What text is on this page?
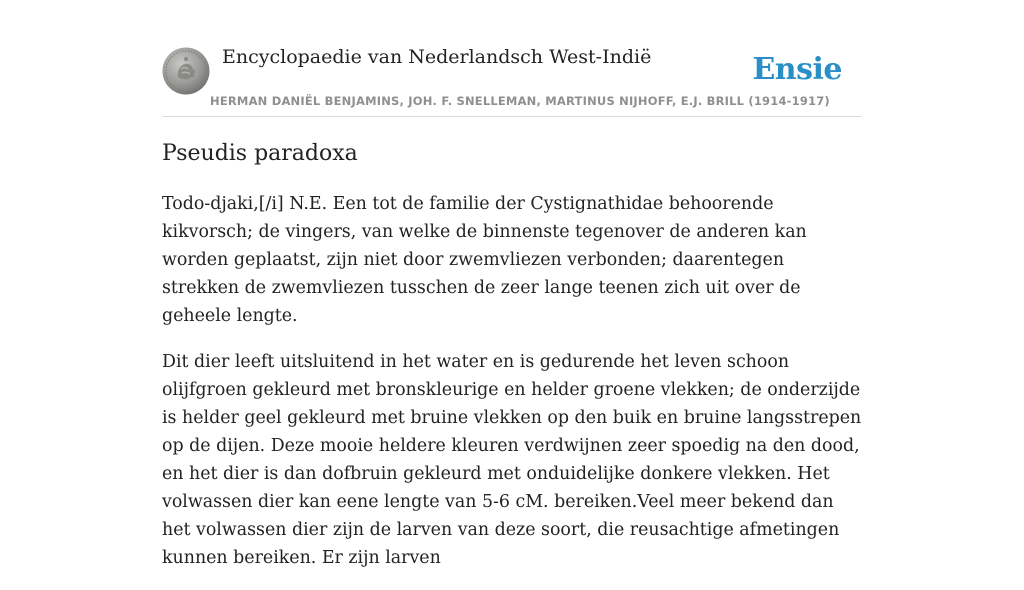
Encyclopaedie van Nederlandsch West-Indië	Ensie
HERMAN DANIËL BENJAMINS, JOH. F. SNELLEMAN, MARTINUS NIJHOFF, E.J. BRILL (1914-1917)
Pseudis paradoxa

Todo-djaki,[/i] N.E. Een tot de familie der Cystignathidae behoorende kikvorsch; de vingers, van welke de binnenste tegenover de anderen kan worden geplaatst, zijn niet door zwemvliezen verbonden; daarentegen strekken de zwemvliezen tusschen de zeer lange teenen zich uit over de geheele lengte.

Dit dier leeft uitsluitend in het water en is gedurende het leven schoon olijfgroen gekleurd met bronskleurige en helder groene vlekken; de onderzijde is helder geel gekleurd met bruine vlekken op den buik en bruine langsstrepen op de dijen. Deze mooie heldere kleuren verdwijnen zeer spoedig na den dood, en het dier is dan dofbruin gekleurd met onduidelijke donkere vlekken. Het volwassen dier kan eene lengte van 5-6 cM. bereiken.Veel meer bekend dan het volwassen dier zijn de larven van deze soort, die reusachtige afmetingen kunnen bereiken. Er zijn larven
